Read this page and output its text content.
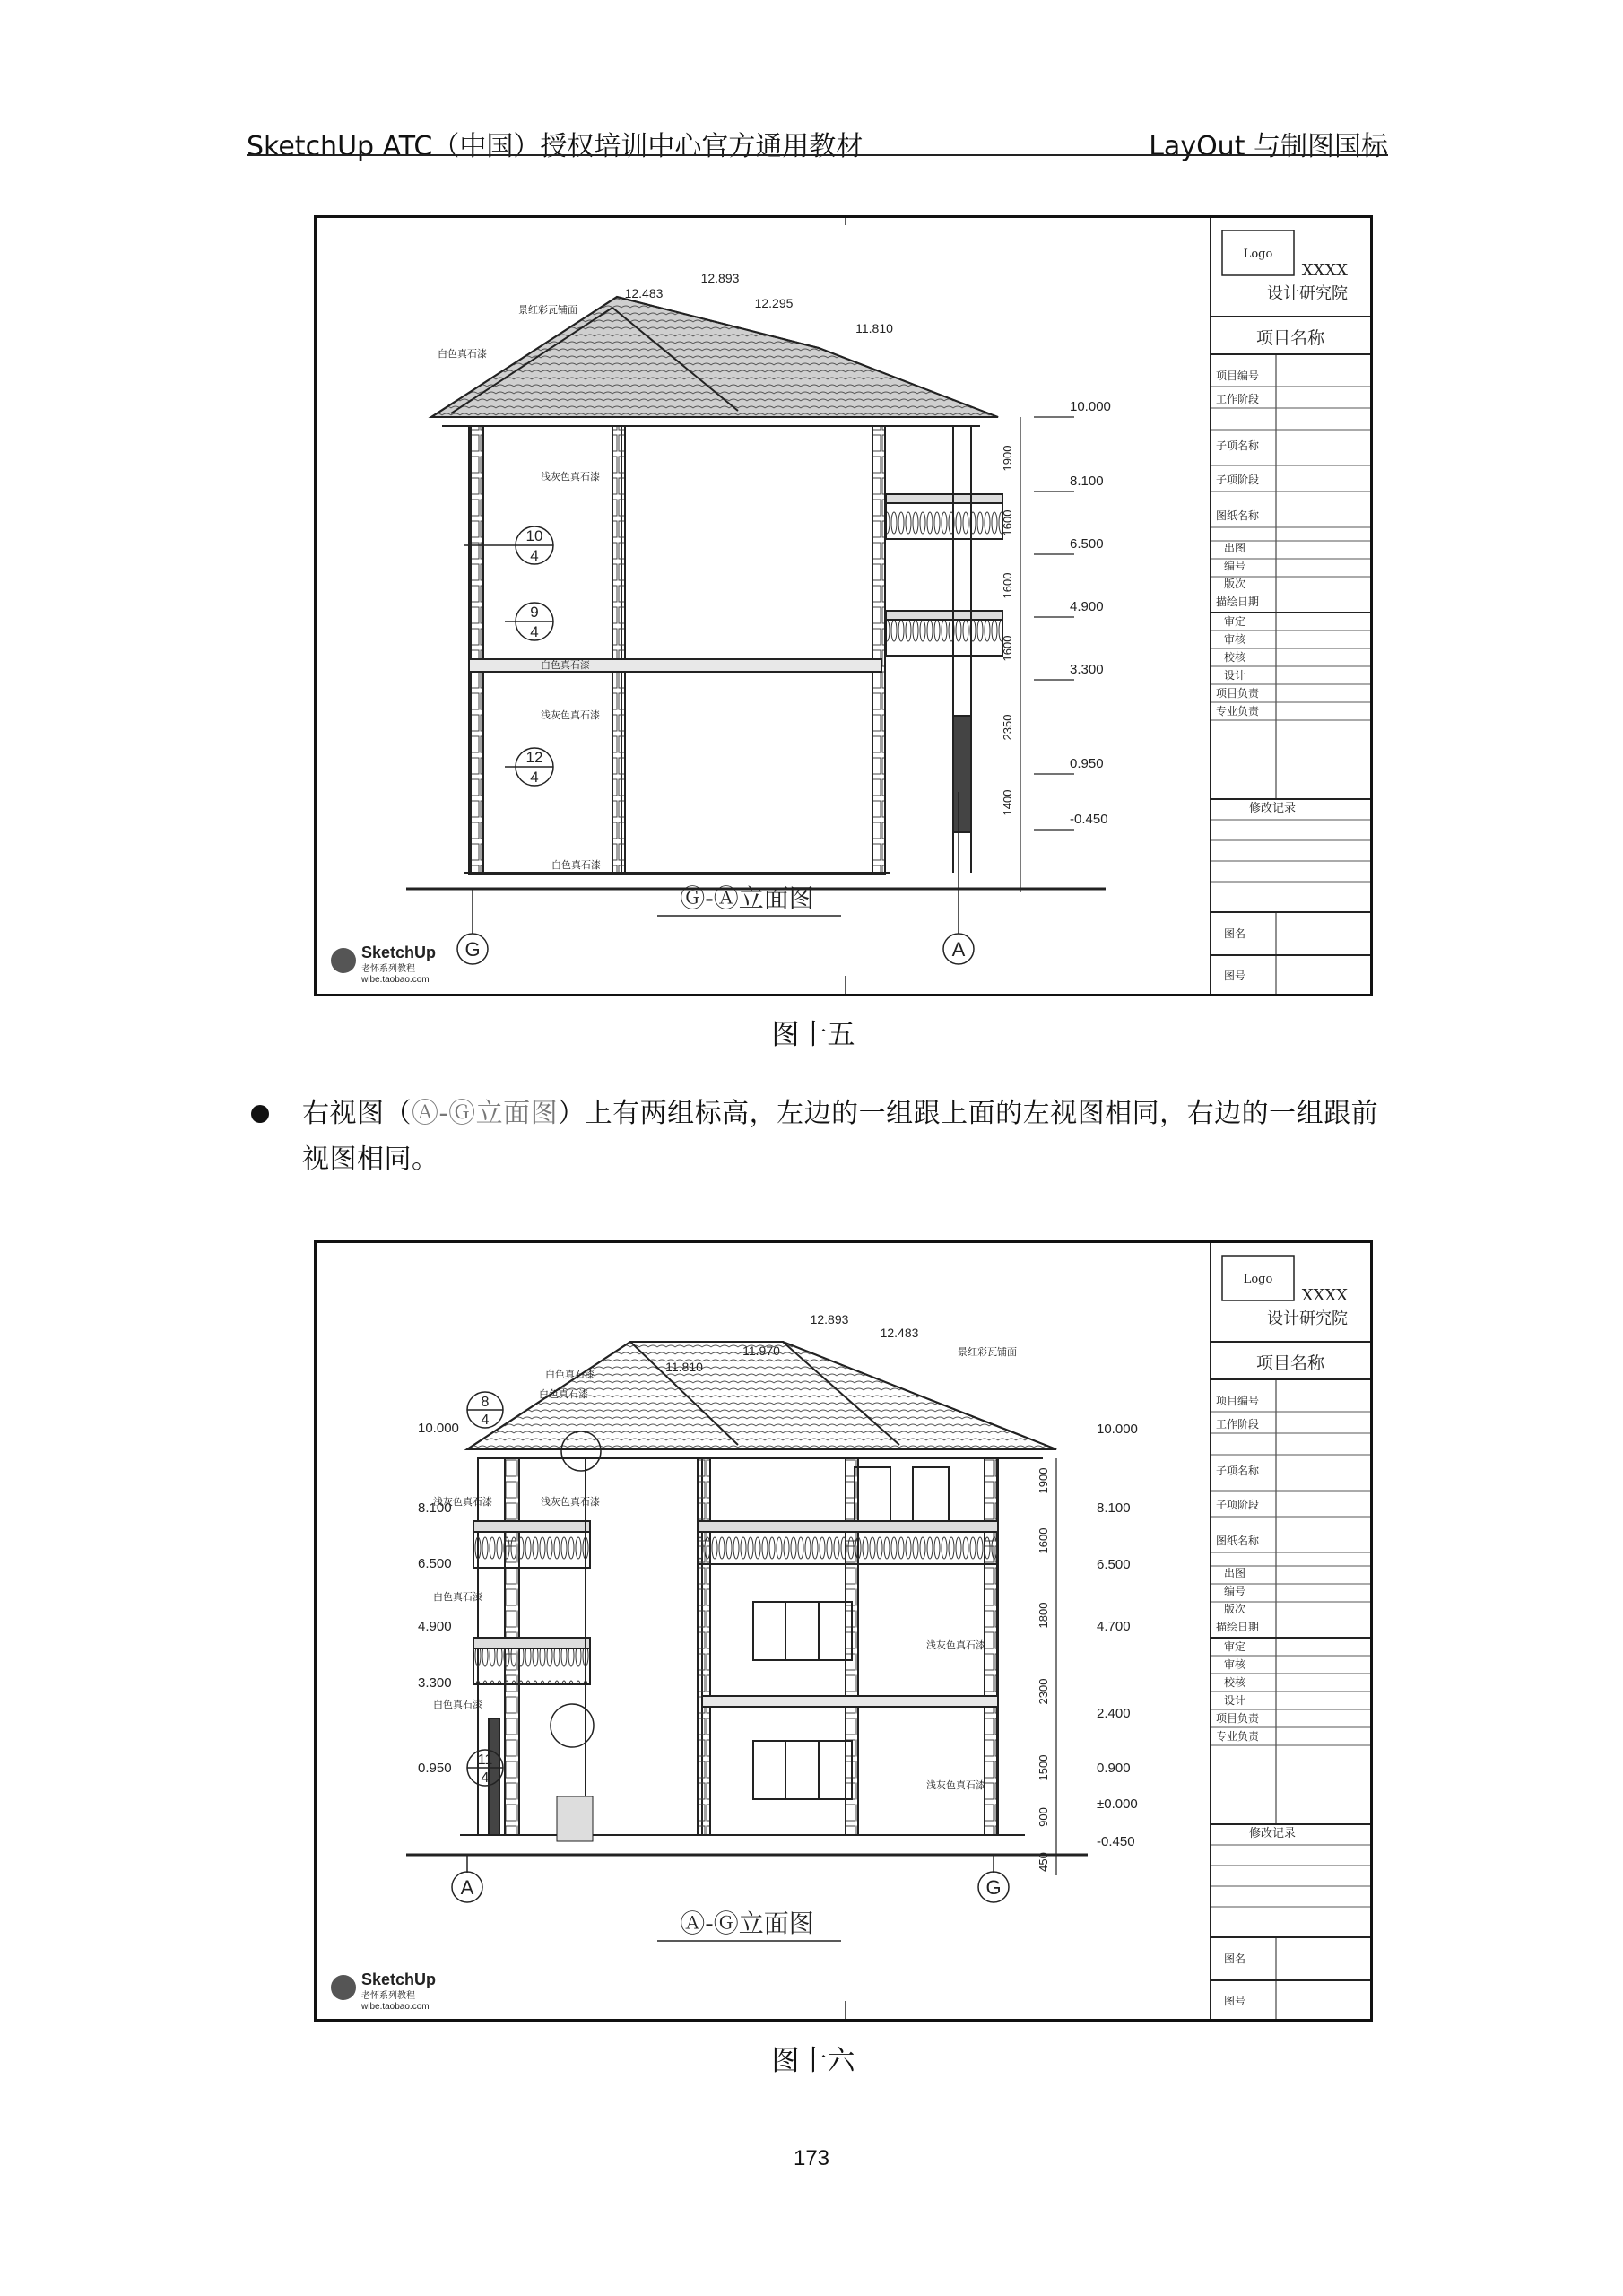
SketchUp ATC（中国）授权培训中心官方通用教材	LayOut 与制图国标
Logo
XXXX
设计研究院
项目名称
项目编号
工作阶段
子项名称
子项阶段
图纸名称
出图
编号
版次
描绘日期
审定
审核
校核
设计
项目负责
专业负责
修改记录
图名
图号
G	A
10
4
9
4
12
4
景红彩瓦铺面
白色真石漆
浅灰色真石漆
白色真石漆
浅灰色真石漆
白色真石漆
12.483
12.893
12.295
11.810
10.000
8.100
6.500
4.900
3.300
0.950
-0.450
1900
1600
1600
1600
2350
1400
Ⓖ-Ⓐ立面图
SketchUp
老怀系列教程
wibe.taobao.com
图十五
右视图（Ⓐ-Ⓖ立面图）上有两组标高，左边的一组跟上面的左视图相同，右边的一组跟前视图相同。
Logo
XXXX
设计研究院
项目名称
项目编号
工作阶段
子项名称
子项阶段
图纸名称
出图
编号
版次
描绘日期
审定
审核
校核
设计
项目负责
专业负责
修改记录
图名
图号
A	G
8
4
11
4
景红彩瓦铺面
白色真石漆
白色真石漆
浅灰色真石漆	浅灰色真石漆
白色真石漆
白色真石漆
浅灰色真石漆
浅灰色真石漆
12.893
11.970
12.483
11.810
10.000
8.100
6.500
4.900
3.300
0.950
10.000
8.100
6.500
4.700
2.400
0.900
±0.000
-0.450
1900
1600
1800
2300
1500
900
450
Ⓐ-Ⓖ立面图
SketchUp
老怀系列教程
wibe.taobao.com
图十六
173
